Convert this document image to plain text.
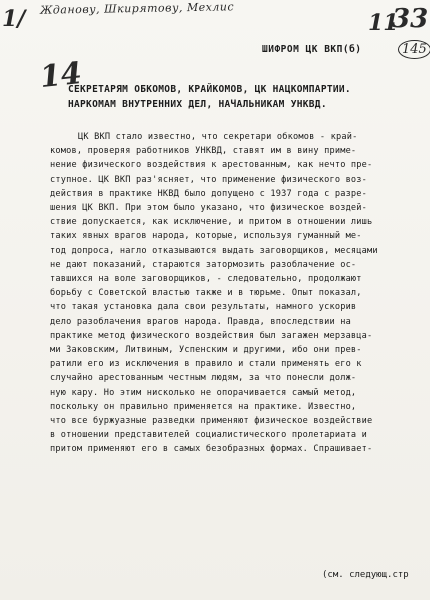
Жданову, Шкирятову, Мехлис
1/	11
33
145
14
ШИФРОМ ЦК ВКП(б)
СЕКРЕТАРЯМ ОБКОМОВ, КРАЙКОМОВ, ЦК НАЦКОМПАРТИИ.
НАРКОМАМ ВНУТРЕННИХ ДЕЛ, НАЧАЛЬНИКАМ УНКВД.
ЦК ВКП стало известно, что секретари обкомов - край-
комов, проверяя работников УНКВД, ставят им в вину приме-
нение физического воздействия к арестованным, как нечто пре-
ступное. ЦК ВКП раз'ясняет, что применение физического воз-
действия в практике НКВД было допущено с 1937 года с разре-
шения ЦК ВКП. При этом было указано, что физическое воздей-
ствие допускается, как исключение, и притом в отношении лишь
таких явных врагов народа, которые, используя гуманный ме-
тод допроса, нагло отказываются выдать заговорщиков, месяцами
не дают показаний, стараются затормозить разоблачение ос-
тавшихся на воле заговорщиков, - следовательно, продолжают
борьбу с Советской властью также и в тюрьме. Опыт показал,
что такая установка дала свои результаты, намного ускорив
дело разоблачения врагов народа. Правда, впоследствии на
практике метод физического воздействия был загажен мерзавца-
ми Заковским, Литвиным, Успенским и другими, ибо они прев-
ратили его из исключения в правило и стали применять его к
случайно арестованным честным людям, за что понесли долж-
ную кару. Но этим нисколько не опорачивается самый метод,
поскольку он правильно применяется на практике. Известно,
что все буржуазные разведки применяют физическое воздействие
в отношении представителей социалистического пролетариата и
притом применяют его в самых безобразных формах. Спрашивает-
(см. следующ.стр
